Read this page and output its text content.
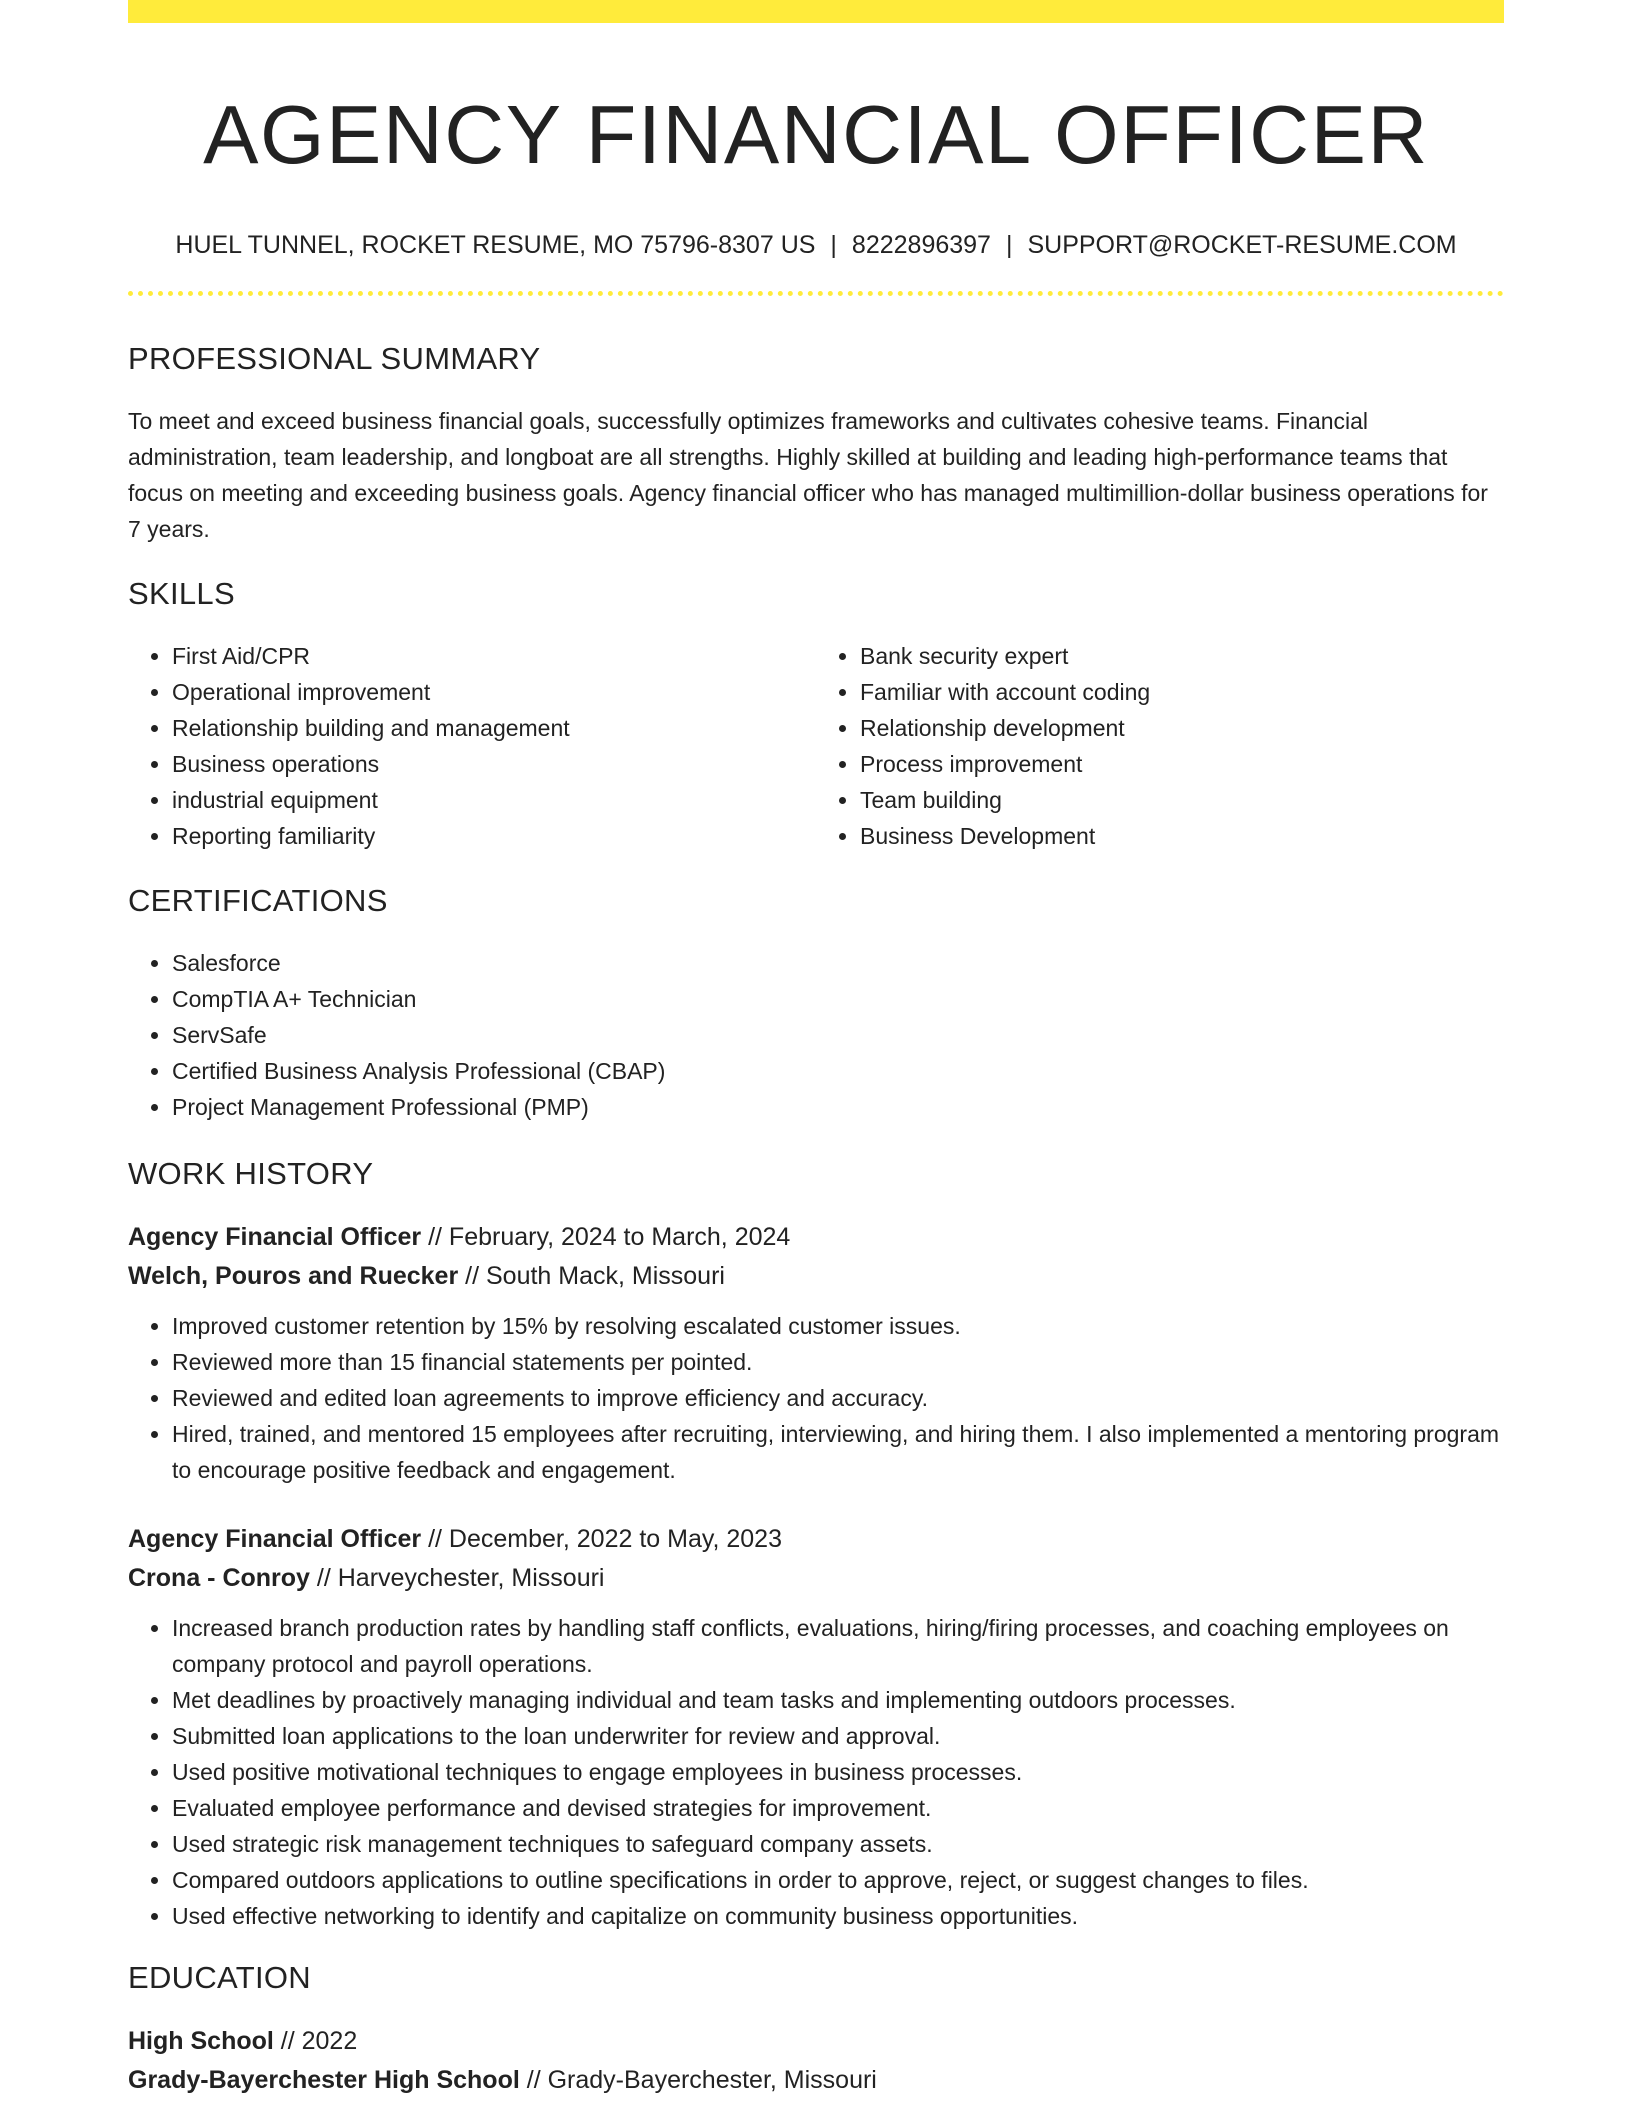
AGENCY FINANCIAL OFFICER
HUEL TUNNEL, ROCKET RESUME, MO 75796-8307 US | 8222896397 | SUPPORT@ROCKET-RESUME.COM
PROFESSIONAL SUMMARY

To meet and exceed business financial goals, successfully optimizes frameworks and cultivates cohesive teams. Financial administration, team leadership, and longboat are all strengths. Highly skilled at building and leading high-performance teams that focus on meeting and exceeding business goals. Agency financial officer who has managed multimillion-dollar business operations for 7 years.

SKILLS
• First Aid/CPR
• Operational improvement
• Relationship building and management
• Business operations
• industrial equipment
• Reporting familiarity
• Bank security expert
• Familiar with account coding
• Relationship development
• Process improvement
• Team building
• Business Development
CERTIFICATIONS
• Salesforce
• CompTIA A+ Technician
• ServSafe
• Certified Business Analysis Professional (CBAP)
• Project Management Professional (PMP)
WORK HISTORY
Agency Financial Officer // February, 2024 to March, 2024
Welch, Pouros and Ruecker // South Mack, Missouri
• Improved customer retention by 15% by resolving escalated customer issues.
• Reviewed more than 15 financial statements per pointed.
• Reviewed and edited loan agreements to improve efficiency and accuracy.
• Hired, trained, and mentored 15 employees after recruiting, interviewing, and hiring them. I also implemented a mentoring program to encourage positive feedback and engagement.
Agency Financial Officer // December, 2022 to May, 2023
Crona - Conroy // Harveychester, Missouri
• Increased branch production rates by handling staff conflicts, evaluations, hiring/firing processes, and coaching employees on company protocol and payroll operations.
• Met deadlines by proactively managing individual and team tasks and implementing outdoors processes.
• Submitted loan applications to the loan underwriter for review and approval.
• Used positive motivational techniques to engage employees in business processes.
• Evaluated employee performance and devised strategies for improvement.
• Used strategic risk management techniques to safeguard company assets.
• Compared outdoors applications to outline specifications in order to approve, reject, or suggest changes to files.
• Used effective networking to identify and capitalize on community business opportunities.
EDUCATION
High School // 2022
Grady-Bayerchester High School // Grady-Bayerchester, Missouri
